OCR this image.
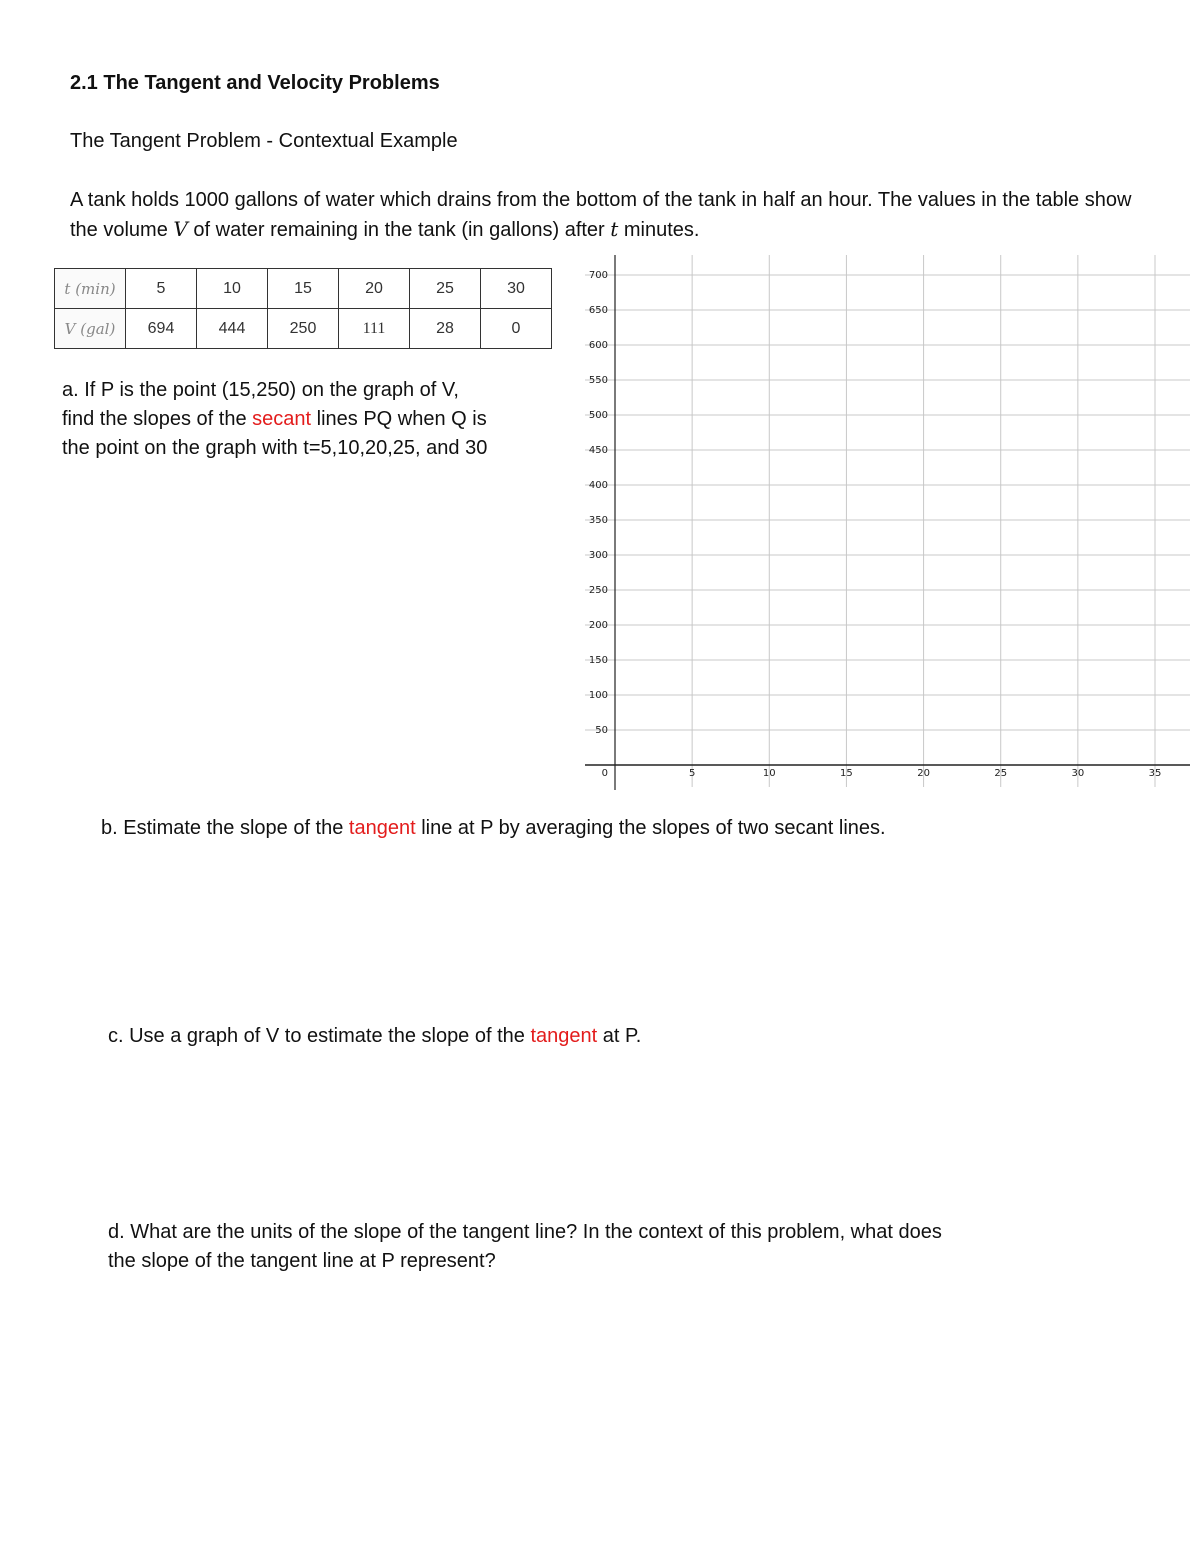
2.1 The Tangent and Velocity Problems
The Tangent Problem - Contextual Example
A tank holds 1000 gallons of water which drains from the bottom of the tank in half an hour. The values in the table show the volume V of water remaining in the tank (in gallons) after t minutes.
t (min)	5	10	15	20	25	30
V (gal)	694	444	250	111	28	0
a. If P is the point (15,250) on the graph of V,
find the slopes of the secant lines PQ when Q is
the point on the graph with t=5,10,20,25, and 30
50
100
150
200
250
300
350
400
450
500
550
600
650
700
0	5	10	15	20	25	30	35
b. Estimate the slope of the tangent line at P by averaging the slopes of two secant lines.
c. Use a graph of V to estimate the slope of the tangent at P.
d. What are the units of the slope of the tangent line? In the context of this problem, what does
the slope of the tangent line at P represent?
